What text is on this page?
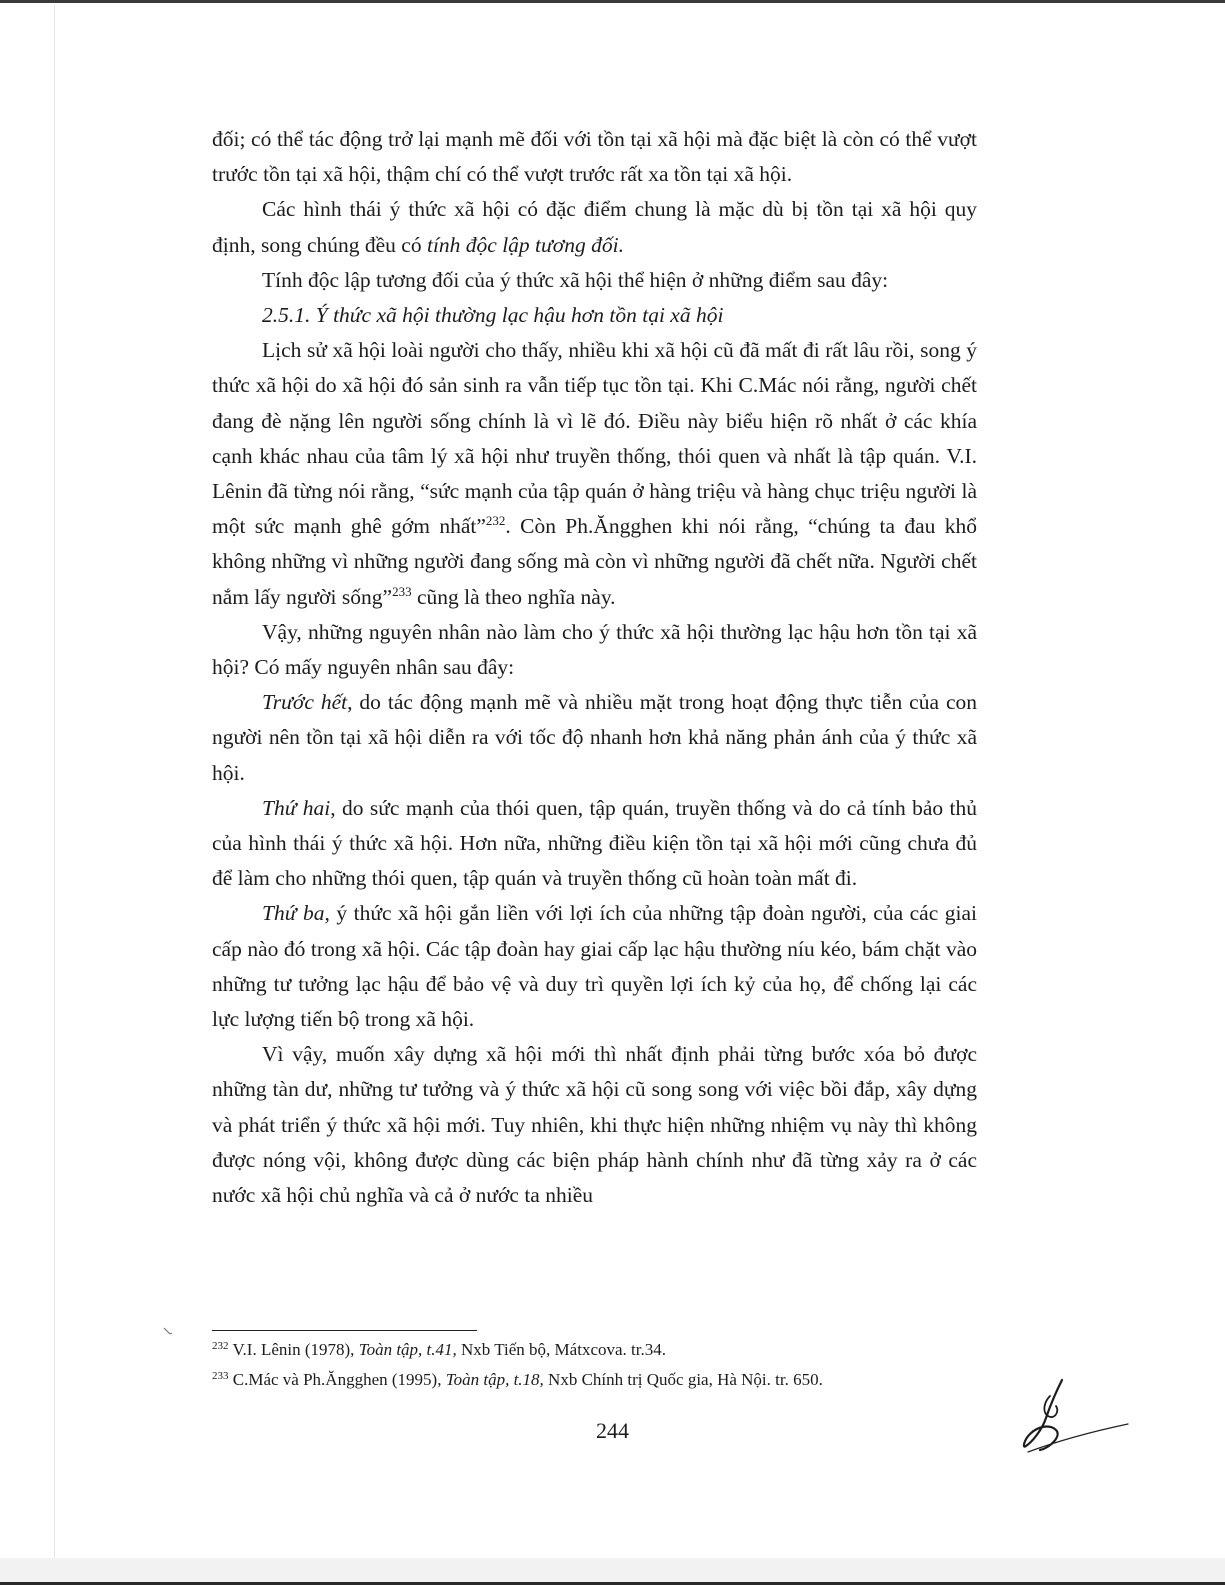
đối; có thể tác động trở lại mạnh mẽ đối với tồn tại xã hội mà đặc biệt là còn có thể vượt trước tồn tại xã hội, thậm chí có thể vượt trước rất xa tồn tại xã hội.

Các hình thái ý thức xã hội có đặc điểm chung là mặc dù bị tồn tại xã hội quy định, song chúng đều có tính độc lập tương đối.

Tính độc lập tương đối của ý thức xã hội thể hiện ở những điểm sau đây:

2.5.1. Ý thức xã hội thường lạc hậu hơn tồn tại xã hội

Lịch sử xã hội loài người cho thấy, nhiều khi xã hội cũ đã mất đi rất lâu rồi, song ý thức xã hội do xã hội đó sản sinh ra vẫn tiếp tục tồn tại. Khi C.Mác nói rằng, người chết đang đè nặng lên người sống chính là vì lẽ đó. Điều này biểu hiện rõ nhất ở các khía cạnh khác nhau của tâm lý xã hội như truyền thống, thói quen và nhất là tập quán. V.I. Lênin đã từng nói rằng, “sức mạnh của tập quán ở hàng triệu và hàng chục triệu người là một sức mạnh ghê gớm nhất”$^{232}$. Còn Ph.Ăngghen khi nói rằng, “chúng ta đau khổ không những vì những người đang sống mà còn vì những người đã chết nữa. Người chết nắm lấy người sống”$^{233}$ cũng là theo nghĩa này.

Vậy, những nguyên nhân nào làm cho ý thức xã hội thường lạc hậu hơn tồn tại xã hội? Có mấy nguyên nhân sau đây:

Trước hết, do tác động mạnh mẽ và nhiều mặt trong hoạt động thực tiễn của con người nên tồn tại xã hội diễn ra với tốc độ nhanh hơn khả năng phản ánh của ý thức xã hội.

Thứ hai, do sức mạnh của thói quen, tập quán, truyền thống và do cả tính bảo thủ của hình thái ý thức xã hội. Hơn nữa, những điều kiện tồn tại xã hội mới cũng chưa đủ để làm cho những thói quen, tập quán và truyền thống cũ hoàn toàn mất đi.

Thứ ba, ý thức xã hội gắn liền với lợi ích của những tập đoàn người, của các giai cấp nào đó trong xã hội. Các tập đoàn hay giai cấp lạc hậu thường níu kéo, bám chặt vào những tư tưởng lạc hậu để bảo vệ và duy trì quyền lợi ích kỷ của họ, để chống lại các lực lượng tiến bộ trong xã hội.

Vì vậy, muốn xây dựng xã hội mới thì nhất định phải từng bước xóa bỏ được những tàn dư, những tư tưởng và ý thức xã hội cũ song song với việc bồi đắp, xây dựng và phát triển ý thức xã hội mới. Tuy nhiên, khi thực hiện những nhiệm vụ này thì không được nóng vội, không được dùng các biện pháp hành chính như đã từng xảy ra ở các nước xã hội chủ nghĩa và cả ở nước ta nhiều

$^{232}$ V.I. Lênin (1978), Toàn tập, t.41, Nxb Tiến bộ, Mátxcova. tr.34.
$^{233}$ C.Mác và Ph.Ăngghen (1995), Toàn tập, t.18, Nxb Chính trị Quốc gia, Hà Nội. tr. 650.
244
